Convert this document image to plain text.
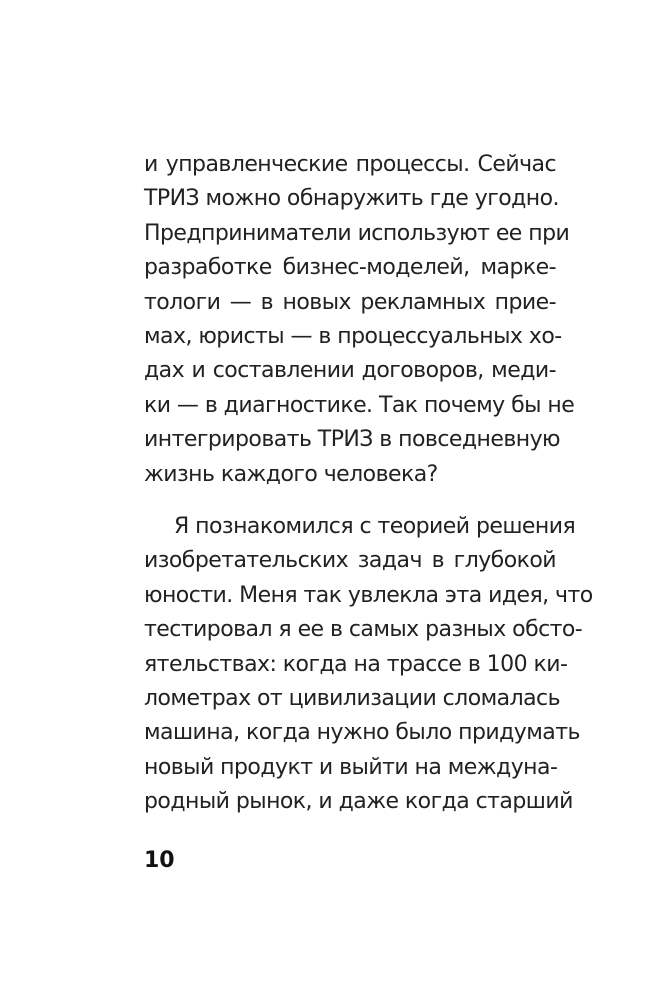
и управленческие процессы. Сейчас
ТРИЗ можно обнаружить где угодно.
Предприниматели используют ее при
разработке бизнес-моделей, марке-
тологи — в новых рекламных прие-
мах, юристы — в процессуальных хо-
дах и составлении договоров, меди-
ки — в диагностике. Так почему бы не
интегрировать ТРИЗ в повседневную
жизнь каждого человека?
Я познакомился с теорией решения
изобретательских задач в глубокой
юности. Меня так увлекла эта идея, что
тестировал я ее в самых разных обсто-
ятельствах: когда на трассе в 100 ки-
лометрах от цивилизации сломалась
машина, когда нужно было придумать
новый продукт и выйти на междуна-
родный рынок, и даже когда старший
10
